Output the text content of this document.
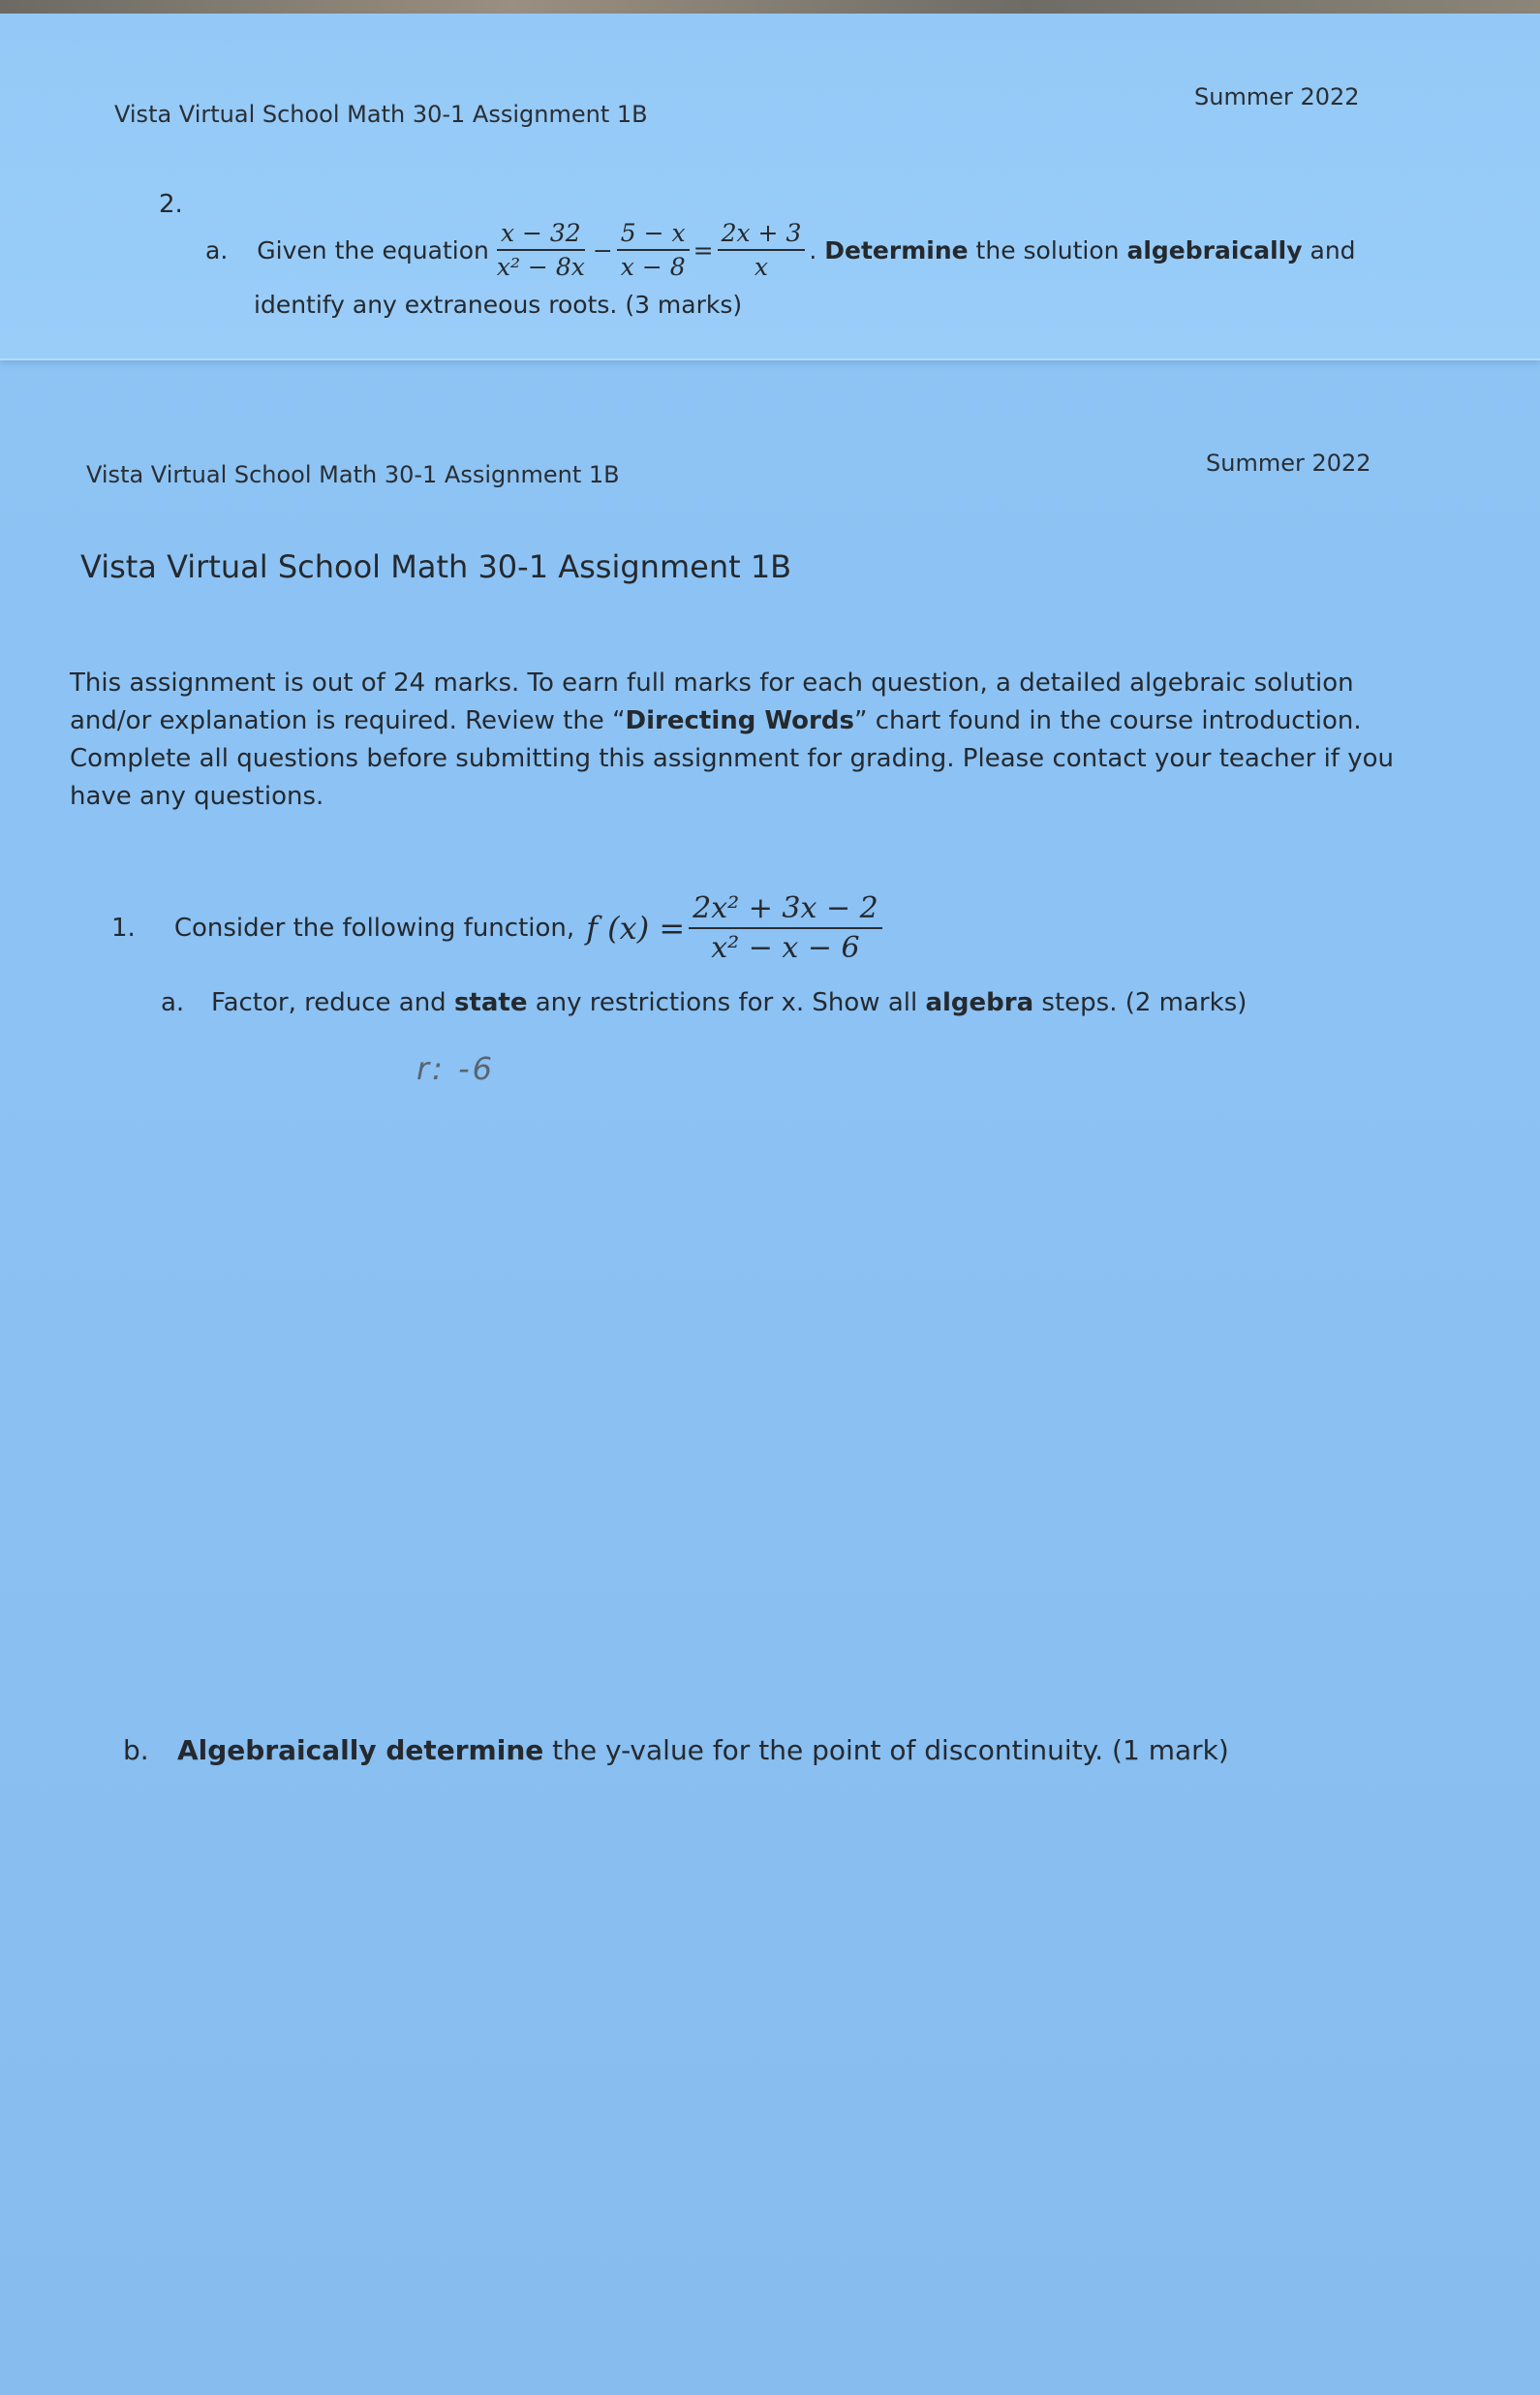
Vista Virtual School Math 30-1 Assignment 1B
Summer 2022
2.
a. Given the equation $\frac{x - 32}{\text{x² − 8x}} - \frac{5 - x}{x - 8} = \frac{2x + 3}{x}$ . Determine the solution algebraically and
identify any extraneous roots. (3 marks)
Vista Virtual School Math 30-1 Assignment 1B	Summer 2022
Vista Virtual School Math 30-1 Assignment 1B
This assignment is out of 24 marks. To earn full marks for each question, a detailed algebraic solution
and/or explanation is required. Review the “Directing Words” chart found in the course introduction.
Complete all questions before submitting this assignment for grading. Please contact your teacher if you
have any questions.
1. Consider the following function, f $(x) = \frac{\text{2x² + 3x − 2}}{\text{x² − x − 6}}$
a. Factor, reduce and state any restrictions for x. Show all algebra steps. (2 marks)
r: -6
b. Algebraically determine the y-value for the point of discontinuity. (1 mark)
